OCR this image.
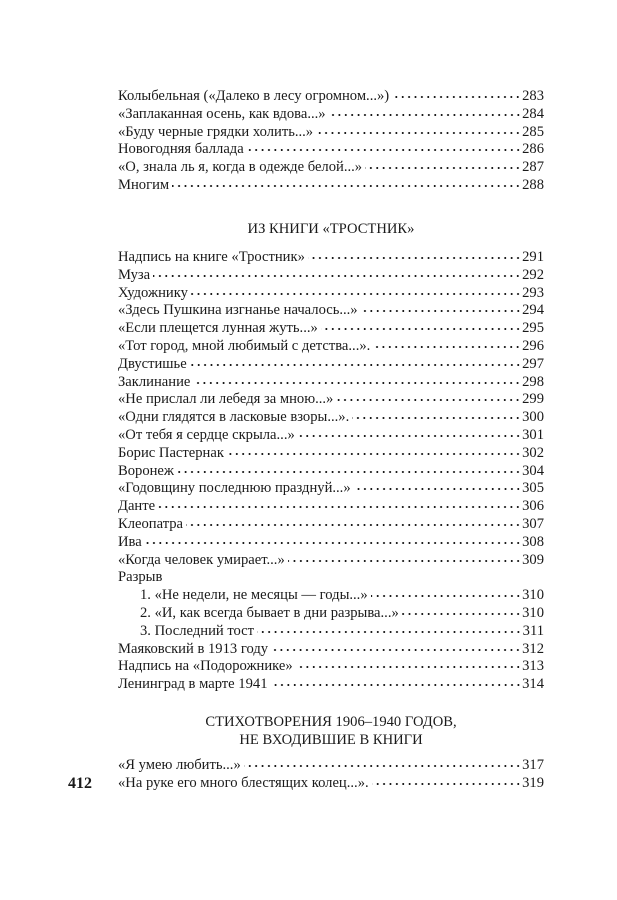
Колыбельная («Далеко в лесу огромном...»)	283
«Заплаканная осень, как вдова...»	284
«Буду черные грядки холить...»	285
Новогодняя баллада	286
«О, знала ль я, когда в одежде белой...»	287
Многим	288
ИЗ КНИГИ «ТРОСТНИК»
Надпись на книге «Тростник»	291
Муза	292
Художнику	293
«Здесь Пушкина изгнанье началось...»	294
«Если плещется лунная жуть...»	295
«Тот город, мной любимый с детства...».	296
Двустишье	297
Заклинание	298
«Не прислал ли лебедя за мною...»	299
«Одни глядятся в ласковые взоры...».	300
«От тебя я сердце скрыла...»	301
Борис Пастернак	302
Воронеж	304
«Годовщину последнюю празднуй...»	305
Данте	306
Клеопатра	307
Ива	308
«Когда человек умирает...»	309
Разрыв
1. «Не недели, не месяцы — годы...»	310
2. «И, как всегда бывает в дни разрыва...»	310
3. Последний тост	311
Маяковский в 1913 году	312
Надпись на «Подорожнике»	313
Ленинград в марте 1941	314
СТИХОТВОРЕНИЯ 1906–1940 ГОДОВ,
НЕ ВХОДИВШИЕ В КНИГИ
«Я умею любить...»	317
«На руке его много блестящих колец...».	319
412
